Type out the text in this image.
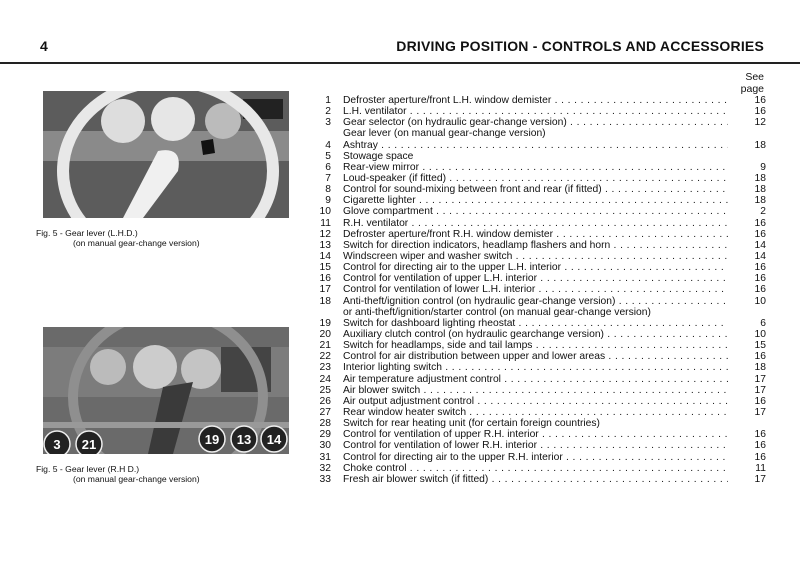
4	DRIVING POSITION - CONTROLS AND ACCESSORIES
Fig. 5 - Gear lever (L.H.D.)
(on manual gear-change version)
3 21	19 13 14
Fig. 5 - Gear lever (R.H D.)
(on manual gear-change version)
See
page
1 Defroster aperture/front L.H. window demister . . .	16
2 L.H. ventilator . . .	16
3 Gear selector (on hydraulic gear-change version) . . .	12
Gear lever (on manual gear-change version)
4 Ashtray . . .	18
5 Stowage space
6 Rear-view mirror . . .	9
7 Loud-speaker (if fitted) . . .	18
8 Control for sound-mixing between front and rear (if fitted) . . .	18
9 Cigarette lighter . . .	18
10 Glove compartment . . .	2
11 R.H. ventilator . . .	16
12 Defroster aperture/front R.H. window demister . . .	16
13 Switch for direction indicators, headlamp flashers and horn . . .	14
14 Windscreen wiper and washer switch . . .	14
15 Control for directing air to the upper L.H. interior . . .	16
16 Control for ventilation of upper L.H. interior . . .	16
17 Control for ventilation of lower L.H. interior . . .	16
18 Anti-theft/ignition control (on hydraulic gear-change version) . . .	10
or anti-theft/ignition/starter control (on manual gear-change version)
19 Switch for dashboard lighting rheostat . . .	6
20 Auxiliary clutch control (on hydraulic gearchange version) . . .	10
21 Switch for headlamps, side and tail lamps . . .	15
22 Control for air distribution between upper and lower areas . . .	16
23 Interior lighting switch . . .	18
24 Air temperature adjustment control . . .	17
25 Air blower switch . . .	17
26 Air output adjustment control . . .	16
27 Rear window heater switch . . .	17
28 Switch for rear heating unit (for certain foreign countries)
29 Control for ventilation of upper R.H. interior . . .	16
30 Control for ventilation of lower R.H. interior . . .	16
31 Control for directing air to the upper R.H. interior . . .	16
32 Choke control . . .	11
33 Fresh air blower switch (if fitted) . . .	17
